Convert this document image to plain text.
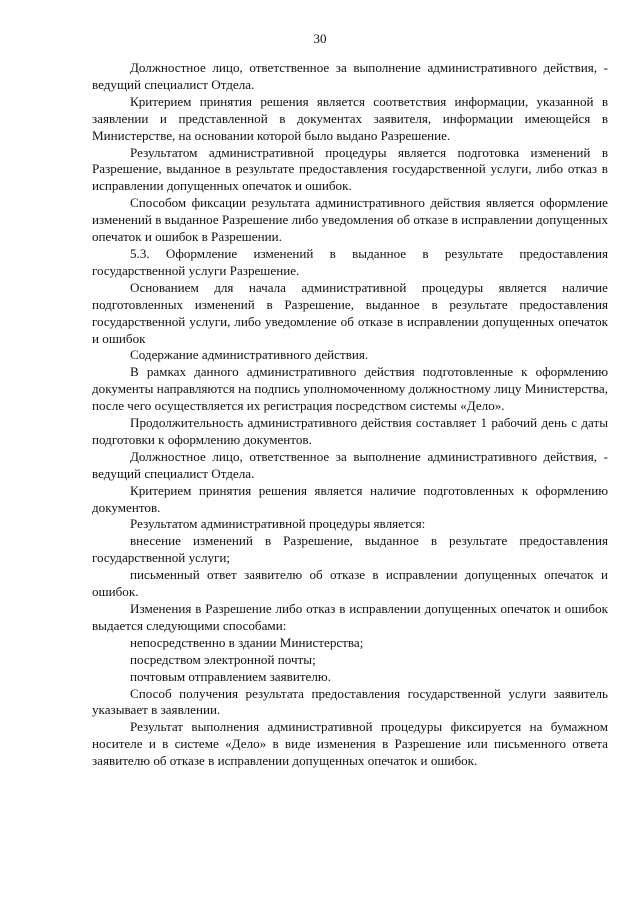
30

Должностное лицо, ответственное за выполнение административного действия, - ведущий специалист Отдела.

Критерием принятия решения является соответствия информации, указанной в заявлении и представленной в документах заявителя, информации имеющейся в Министерстве, на основании которой было выдано Разрешение.

Результатом административной процедуры является подготовка изменений в Разрешение, выданное в результате предоставления государственной услуги, либо отказ в исправлении допущенных опечаток и ошибок.

Способом фиксации результата административного действия является оформление изменений в выданное Разрешение либо уведомления об отказе в исправлении допущенных опечаток и ошибок в Разрешении.

5.3. Оформление изменений в выданное в результате предоставления государственной услуги Разрешение.

Основанием для начала административной процедуры является наличие подготовленных изменений в Разрешение, выданное в результате предоставления государственной услуги, либо уведомление об отказе в исправлении допущенных опечаток и ошибок

Содержание административного действия.

В рамках данного административного действия подготовленные к оформлению документы направляются на подпись уполномоченному должностному лицу Министерства, после чего осуществляется их регистрация посредством системы «Дело».

Продолжительность административного действия составляет 1 рабочий день с даты подготовки к оформлению документов.

Должностное лицо, ответственное за выполнение административного действия, - ведущий специалист Отдела.

Критерием принятия решения является наличие подготовленных к оформлению документов.

Результатом административной процедуры является:

внесение изменений в Разрешение, выданное в результате предоставления государственной услуги;

письменный ответ заявителю об отказе в исправлении допущенных опечаток и ошибок.

Изменения в Разрешение либо отказ в исправлении допущенных опечаток и ошибок выдается следующими способами:

непосредственно в здании Министерства;

посредством электронной почты;

почтовым отправлением заявителю.

Способ получения результата предоставления государственной услуги заявитель указывает в заявлении.

Результат выполнения административной процедуры фиксируется на бумажном носителе и в системе «Дело» в виде изменения в Разрешение или письменного ответа заявителю об отказе в исправлении допущенных опечаток и ошибок.
